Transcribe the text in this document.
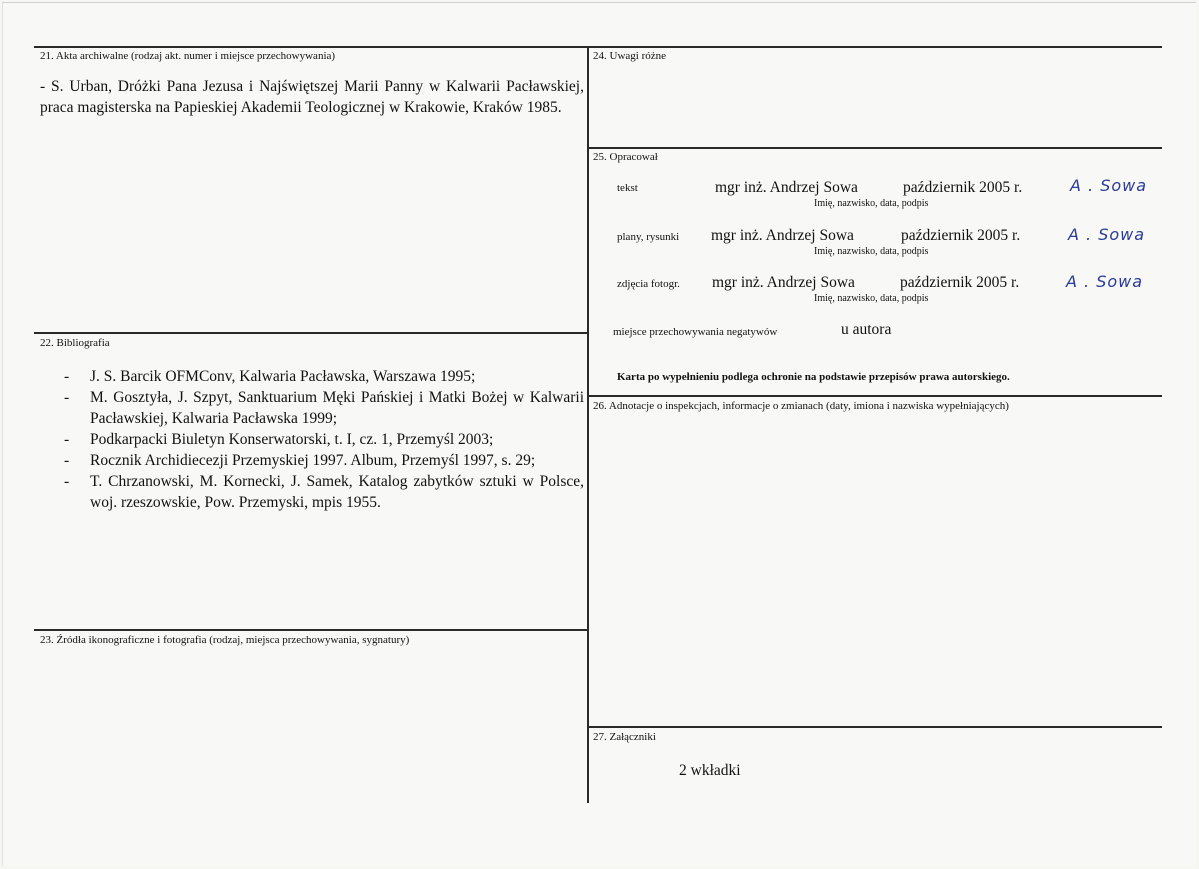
21. Akta archiwalne (rodzaj akt. numer i miejsce przechowywania)
- S. Urban, Dróżki Pana Jezusa i Najświętszej Marii Panny w Kalwarii Pacławskiej, praca magisterska na Papieskiej Akademii Teologicznej w Krakowie, Kraków 1985.
22. Bibliografia
- J. S. Barcik OFMConv, Kalwaria Pacławska, Warszawa 1995;
- M. Gosztyła, J. Szpyt, Sanktuarium Męki Pańskiej i Matki Bożej w Kalwarii Pacławskiej, Kalwaria Pacławska 1999;
- Podkarpacki Biuletyn Konserwatorski, t. I, cz. 1, Przemyśl 2003;
- Rocznik Archidiecezji Przemyskiej 1997. Album, Przemyśl 1997, s. 29;
- T. Chrzanowski, M. Kornecki, J. Samek, Katalog zabytków sztuki w Polsce, woj. rzeszowskie, Pow. Przemyski, mpis 1955.
23. Źródła ikonograficzne i fotografia (rodzaj, miejsca przechowywania, sygnatury)
24. Uwagi różne
25. Opracował
tekst	mgr inż. Andrzej Sowa	październik 2005 r.
Imię, nazwisko, data, podpis
A . Sowa
plany, rysunki mgr inż. Andrzej Sowa	październik 2005 r.
Imię, nazwisko, data, podpis
A . Sowa
zdjęcia fotogr. mgr inż. Andrzej Sowa	październik 2005 r.
Imię, nazwisko, data, podpis
A . Sowa
miejsce przechowywania negatywów	u autora
Karta po wypełnieniu podlega ochronie na podstawie przepisów prawa autorskiego.
26. Adnotacje o inspekcjach, informacje o zmianach (daty, imiona i nazwiska wypełniających)
27. Załączniki
2 wkładki
